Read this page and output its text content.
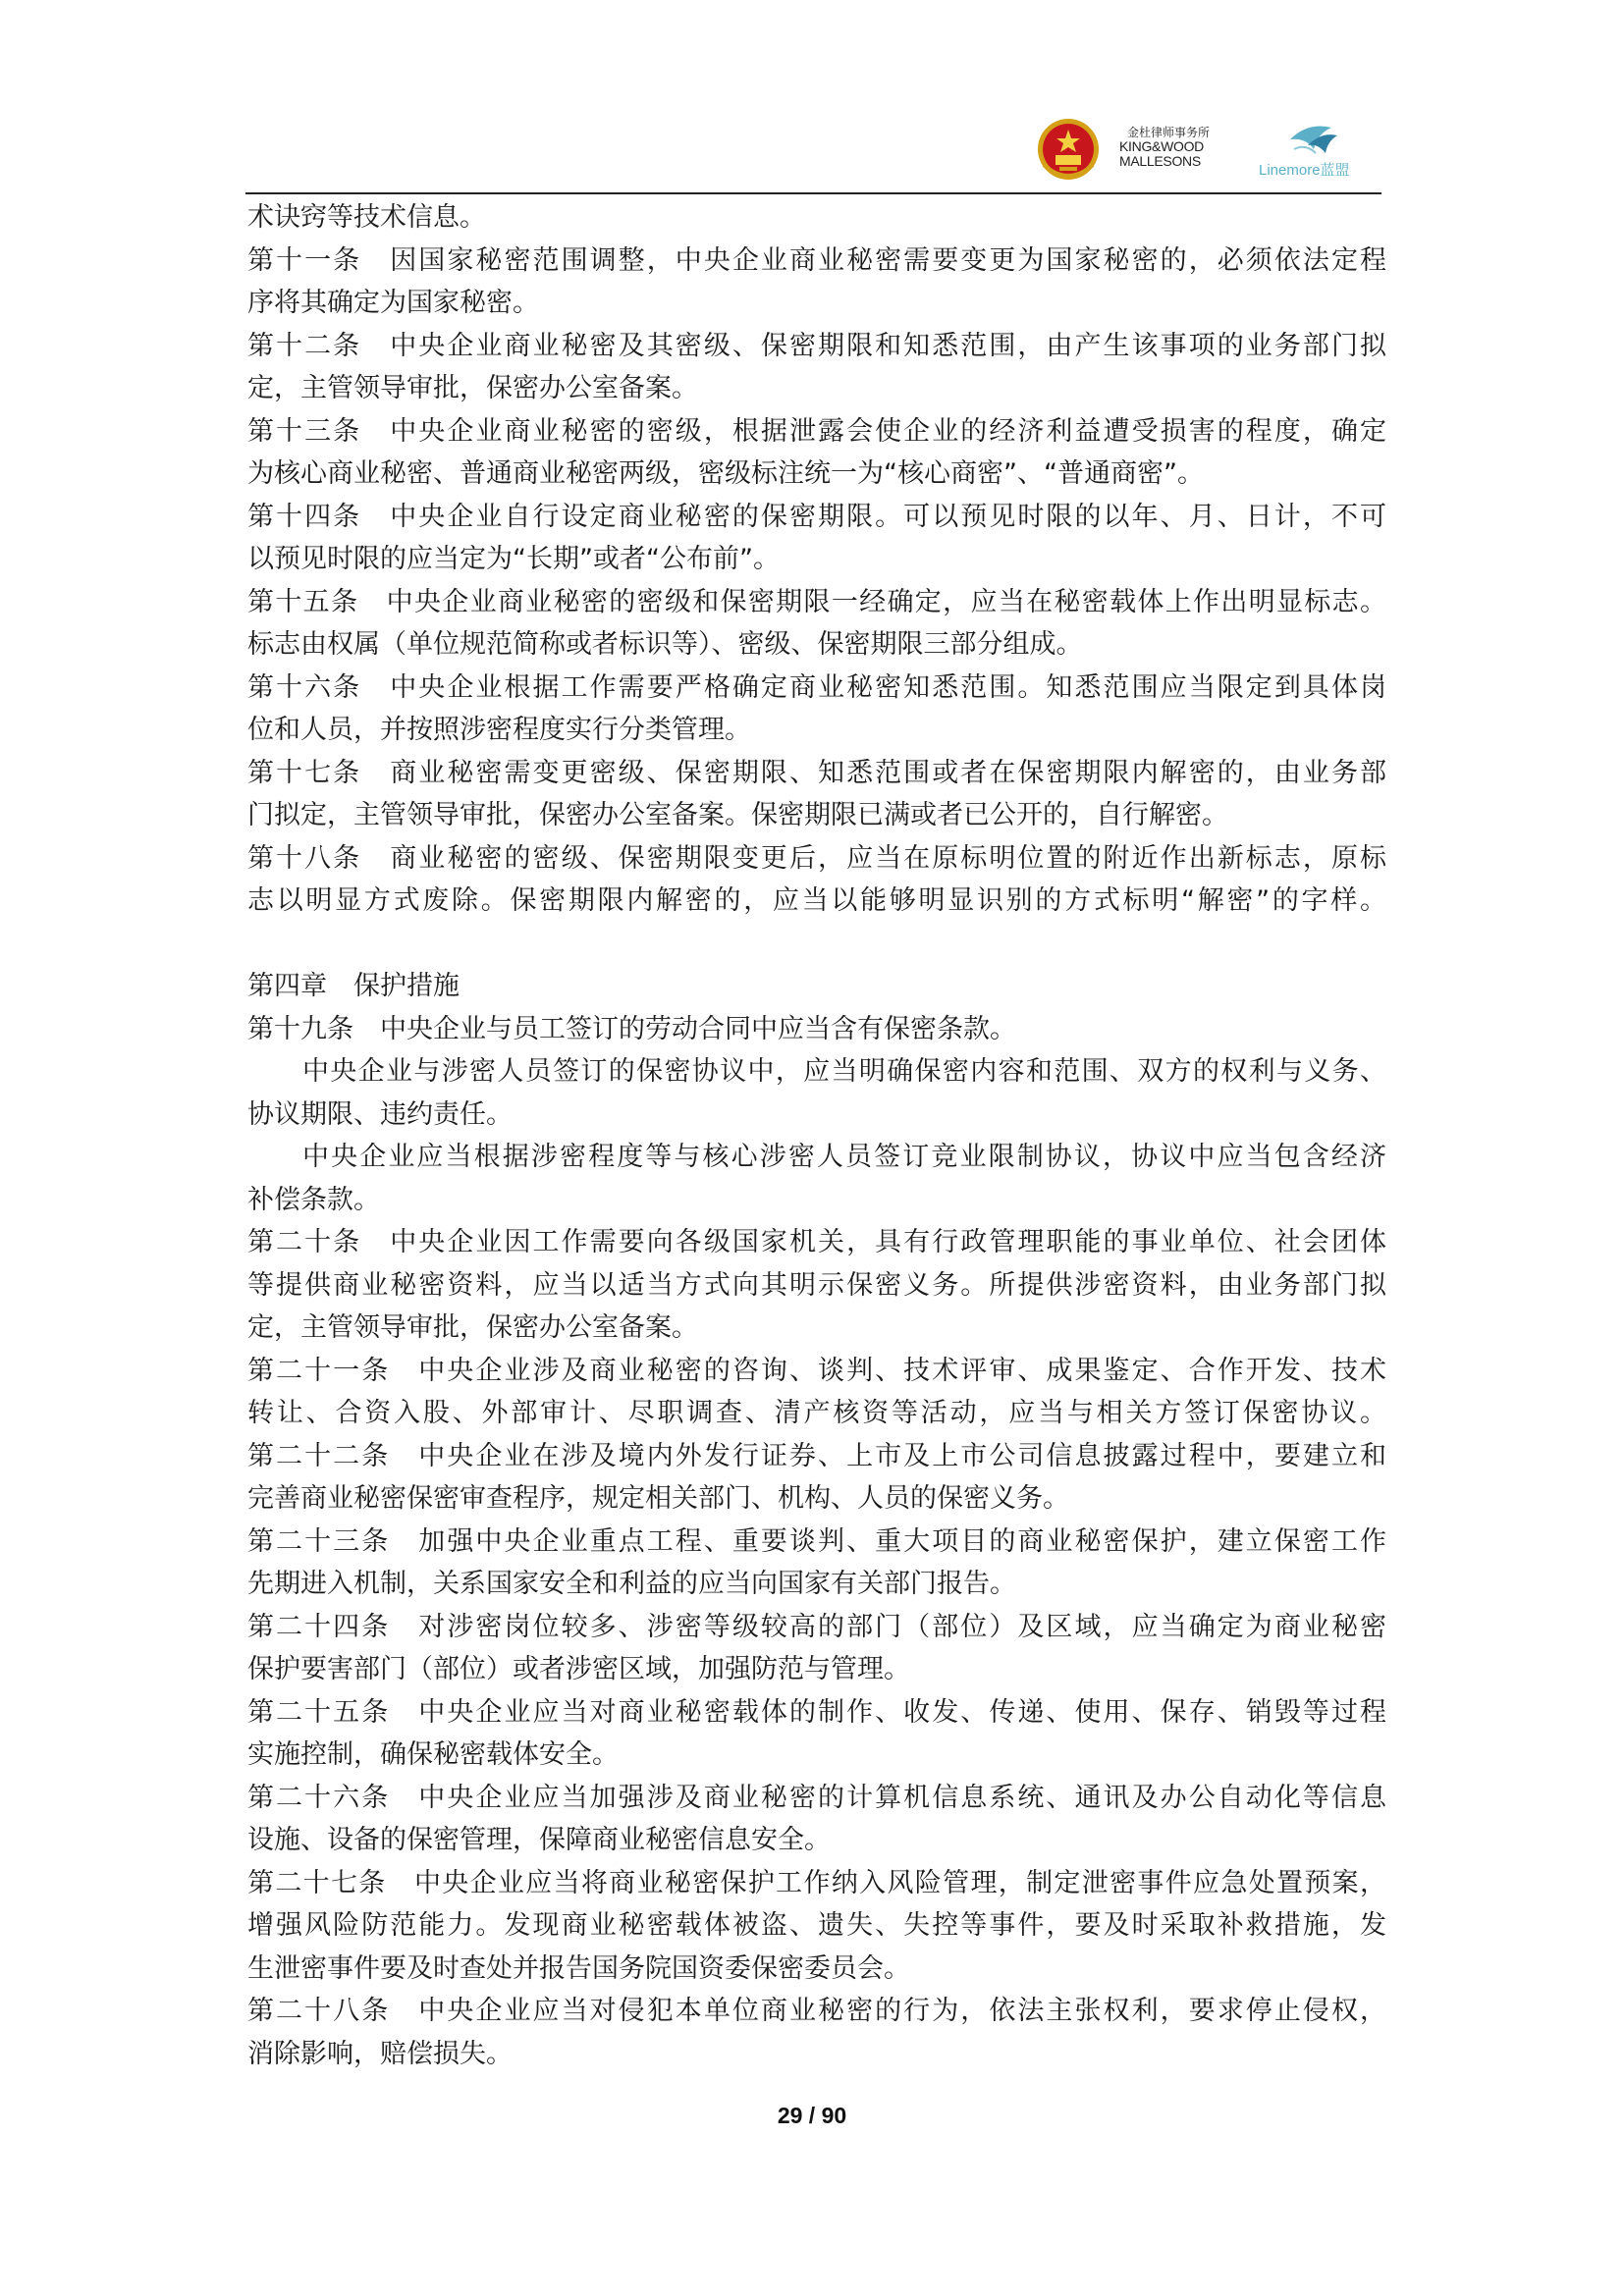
金杜律师事务所
KING&WOOD
MALLESONS
Linemore蓝盟
术诀窍等技术信息。
第十一条　因国家秘密范围调整，中央企业商业秘密需要变更为国家秘密的，必须依法定程
序将其确定为国家秘密。
第十二条　中央企业商业秘密及其密级、保密期限和知悉范围，由产生该事项的业务部门拟
定，主管领导审批，保密办公室备案。
第十三条　中央企业商业秘密的密级，根据泄露会使企业的经济利益遭受损害的程度，确定
为核心商业秘密、普通商业秘密两级，密级标注统一为“核心商密”、“普通商密”。
第十四条　中央企业自行设定商业秘密的保密期限。可以预见时限的以年、月、日计，不可
以预见时限的应当定为“长期”或者“公布前”。
第十五条　中央企业商业秘密的密级和保密期限一经确定，应当在秘密载体上作出明显标志。
标志由权属（单位规范简称或者标识等）、密级、保密期限三部分组成。
第十六条　中央企业根据工作需要严格确定商业秘密知悉范围。知悉范围应当限定到具体岗
位和人员，并按照涉密程度实行分类管理。
第十七条　商业秘密需变更密级、保密期限、知悉范围或者在保密期限内解密的，由业务部
门拟定，主管领导审批，保密办公室备案。保密期限已满或者已公开的，自行解密。
第十八条　商业秘密的密级、保密期限变更后，应当在原标明位置的附近作出新标志，原标
志以明显方式废除。保密期限内解密的，应当以能够明显识别的方式标明“解密”的字样。
第四章　保护措施
第十九条　中央企业与员工签订的劳动合同中应当含有保密条款。
中央企业与涉密人员签订的保密协议中，应当明确保密内容和范围、双方的权利与义务、
协议期限、违约责任。
中央企业应当根据涉密程度等与核心涉密人员签订竞业限制协议，协议中应当包含经济
补偿条款。
第二十条　中央企业因工作需要向各级国家机关，具有行政管理职能的事业单位、社会团体
等提供商业秘密资料，应当以适当方式向其明示保密义务。所提供涉密资料，由业务部门拟
定，主管领导审批，保密办公室备案。
第二十一条　中央企业涉及商业秘密的咨询、谈判、技术评审、成果鉴定、合作开发、技术
转让、合资入股、外部审计、尽职调查、清产核资等活动，应当与相关方签订保密协议。
第二十二条　中央企业在涉及境内外发行证券、上市及上市公司信息披露过程中，要建立和
完善商业秘密保密审查程序，规定相关部门、机构、人员的保密义务。
第二十三条　加强中央企业重点工程、重要谈判、重大项目的商业秘密保护，建立保密工作
先期进入机制，关系国家安全和利益的应当向国家有关部门报告。
第二十四条　对涉密岗位较多、涉密等级较高的部门（部位）及区域，应当确定为商业秘密
保护要害部门（部位）或者涉密区域，加强防范与管理。
第二十五条　中央企业应当对商业秘密载体的制作、收发、传递、使用、保存、销毁等过程
实施控制，确保秘密载体安全。
第二十六条　中央企业应当加强涉及商业秘密的计算机信息系统、通讯及办公自动化等信息
设施、设备的保密管理，保障商业秘密信息安全。
第二十七条　中央企业应当将商业秘密保护工作纳入风险管理，制定泄密事件应急处置预案，
增强风险防范能力。发现商业秘密载体被盗、遗失、失控等事件，要及时采取补救措施，发
生泄密事件要及时查处并报告国务院国资委保密委员会。
第二十八条　中央企业应当对侵犯本单位商业秘密的行为，依法主张权利，要求停止侵权，
消除影响，赔偿损失。
29 / 90
